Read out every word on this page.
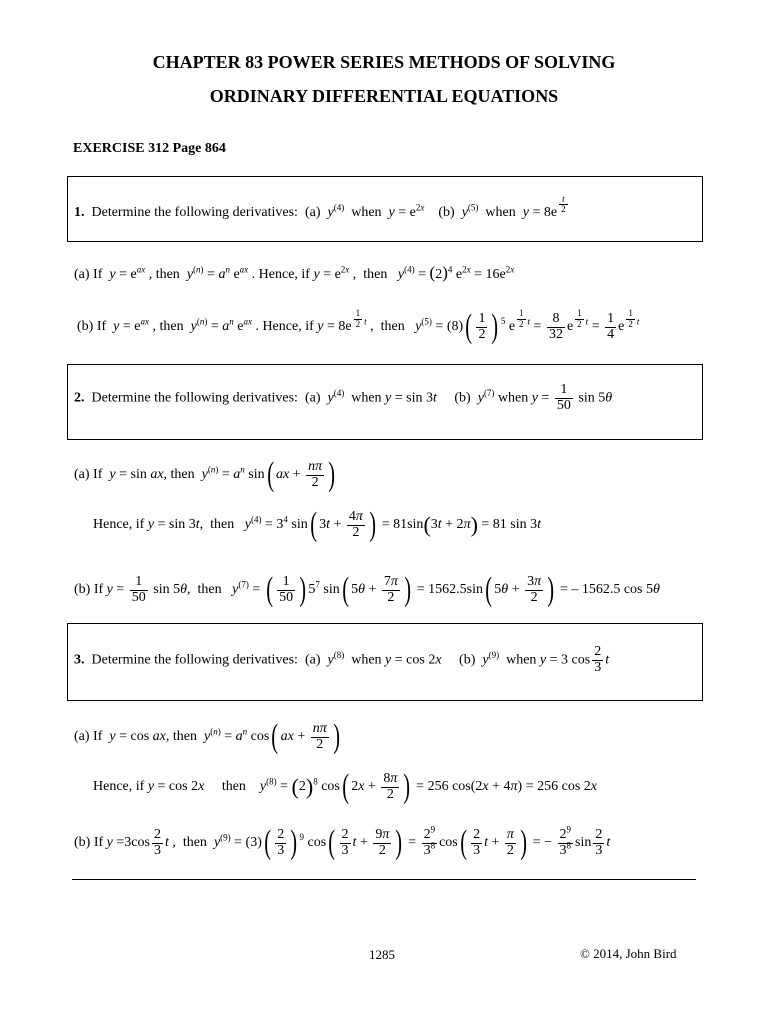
CHAPTER 83 POWER SERIES METHODS OF SOLVING
ORDINARY DIFFERENTIAL EQUATIONS
EXERCISE 312 Page 864
1. Determine the following derivatives: (a) $y^{(4)}$  when  $y = e^{2x}$ (b) $y^{(5)}$  when  $y = 8e \frac{t}{2}$
(a) If  $y = e^{ax}$ , then  $y^{(n)} = a^n$ $e^{ax}$ . Hence, if $y = e^{2x}$ ,  then   $y^{(4)} = (2)^4$ $e^{2x} = 16e^{2x}$
(b) If  $y = e^{ax}$ , then  $y^{(n)} = a^n$ $e^{ax}$ . Hence, if $y = 8e \frac{1}{2} ^t$ ,  then   $y^{(5)} = (8)( \frac{1}{2}$ ) $^5$ e $\frac{1}{2} ^t = \frac{8}{32}$ e $\frac{1}{2} ^t = \frac{1}{4}$ e $\frac{1}{2} ^t$
2. Determine the following derivatives: (a) $y^{(4)}$  when y = sin 3t (b) $y^{(7)}$ when $y = \frac{1}{50}$ sin 5θ
(a) If  y = sin ax, then  $y^{(n)} = a^n$ sin( ax + $\frac{n\pi}{2}$ )
Hence, if y = sin 3t,  then   $y^{(4)} = 3^4$ sin( $3t + \frac{4\pi}{2}$ ) = 81sin(3t + 2π) = 81 sin 3t
(b) If $y = \frac{1}{50}$ sin 5θ,  then   $y^{(7)}$ = ( $\frac{1}{50}$ ) $5^7$ sin( $5\theta + \frac{7\pi}{2}$ ) = 1562.5sin( $5\theta + \frac{3\pi}{2}$ ) = – 1562.5 cos 5θ
3. Determine the following derivatives: (a) $y^{(8)}$  when y = cos 2x (b) $y^{(9)}$  when y = 3 $\cos \frac{2}{3}$ t
(a) If  y = cos ax, then  $y^{(n)} = a^n$ cos( ax + $\frac{n\pi}{2}$ )
Hence, if y = cos 2x     then    $y^{(8)} = (2)^8$ cos( $2x + \frac{8\pi}{2}$ ) = 256 cos(2x + 4π) = 256 cos 2x
(b) If $y =3\cos \frac{2}{3}$ t ,  then  $y^{(9)} = (3)( \frac{2}{3}$ ) $^9$ $\cos( \frac{2}{3}$ $t + \frac{9\pi}{2}$ ) = $\frac{2^9}{3^8} \cos( \frac{2}{3}$ $t + \frac{\pi}{2}$ ) = − $\frac{2^9}{3^8}$ $\sin \frac{2}{3}$ t
1285	© 2014, John Bird
